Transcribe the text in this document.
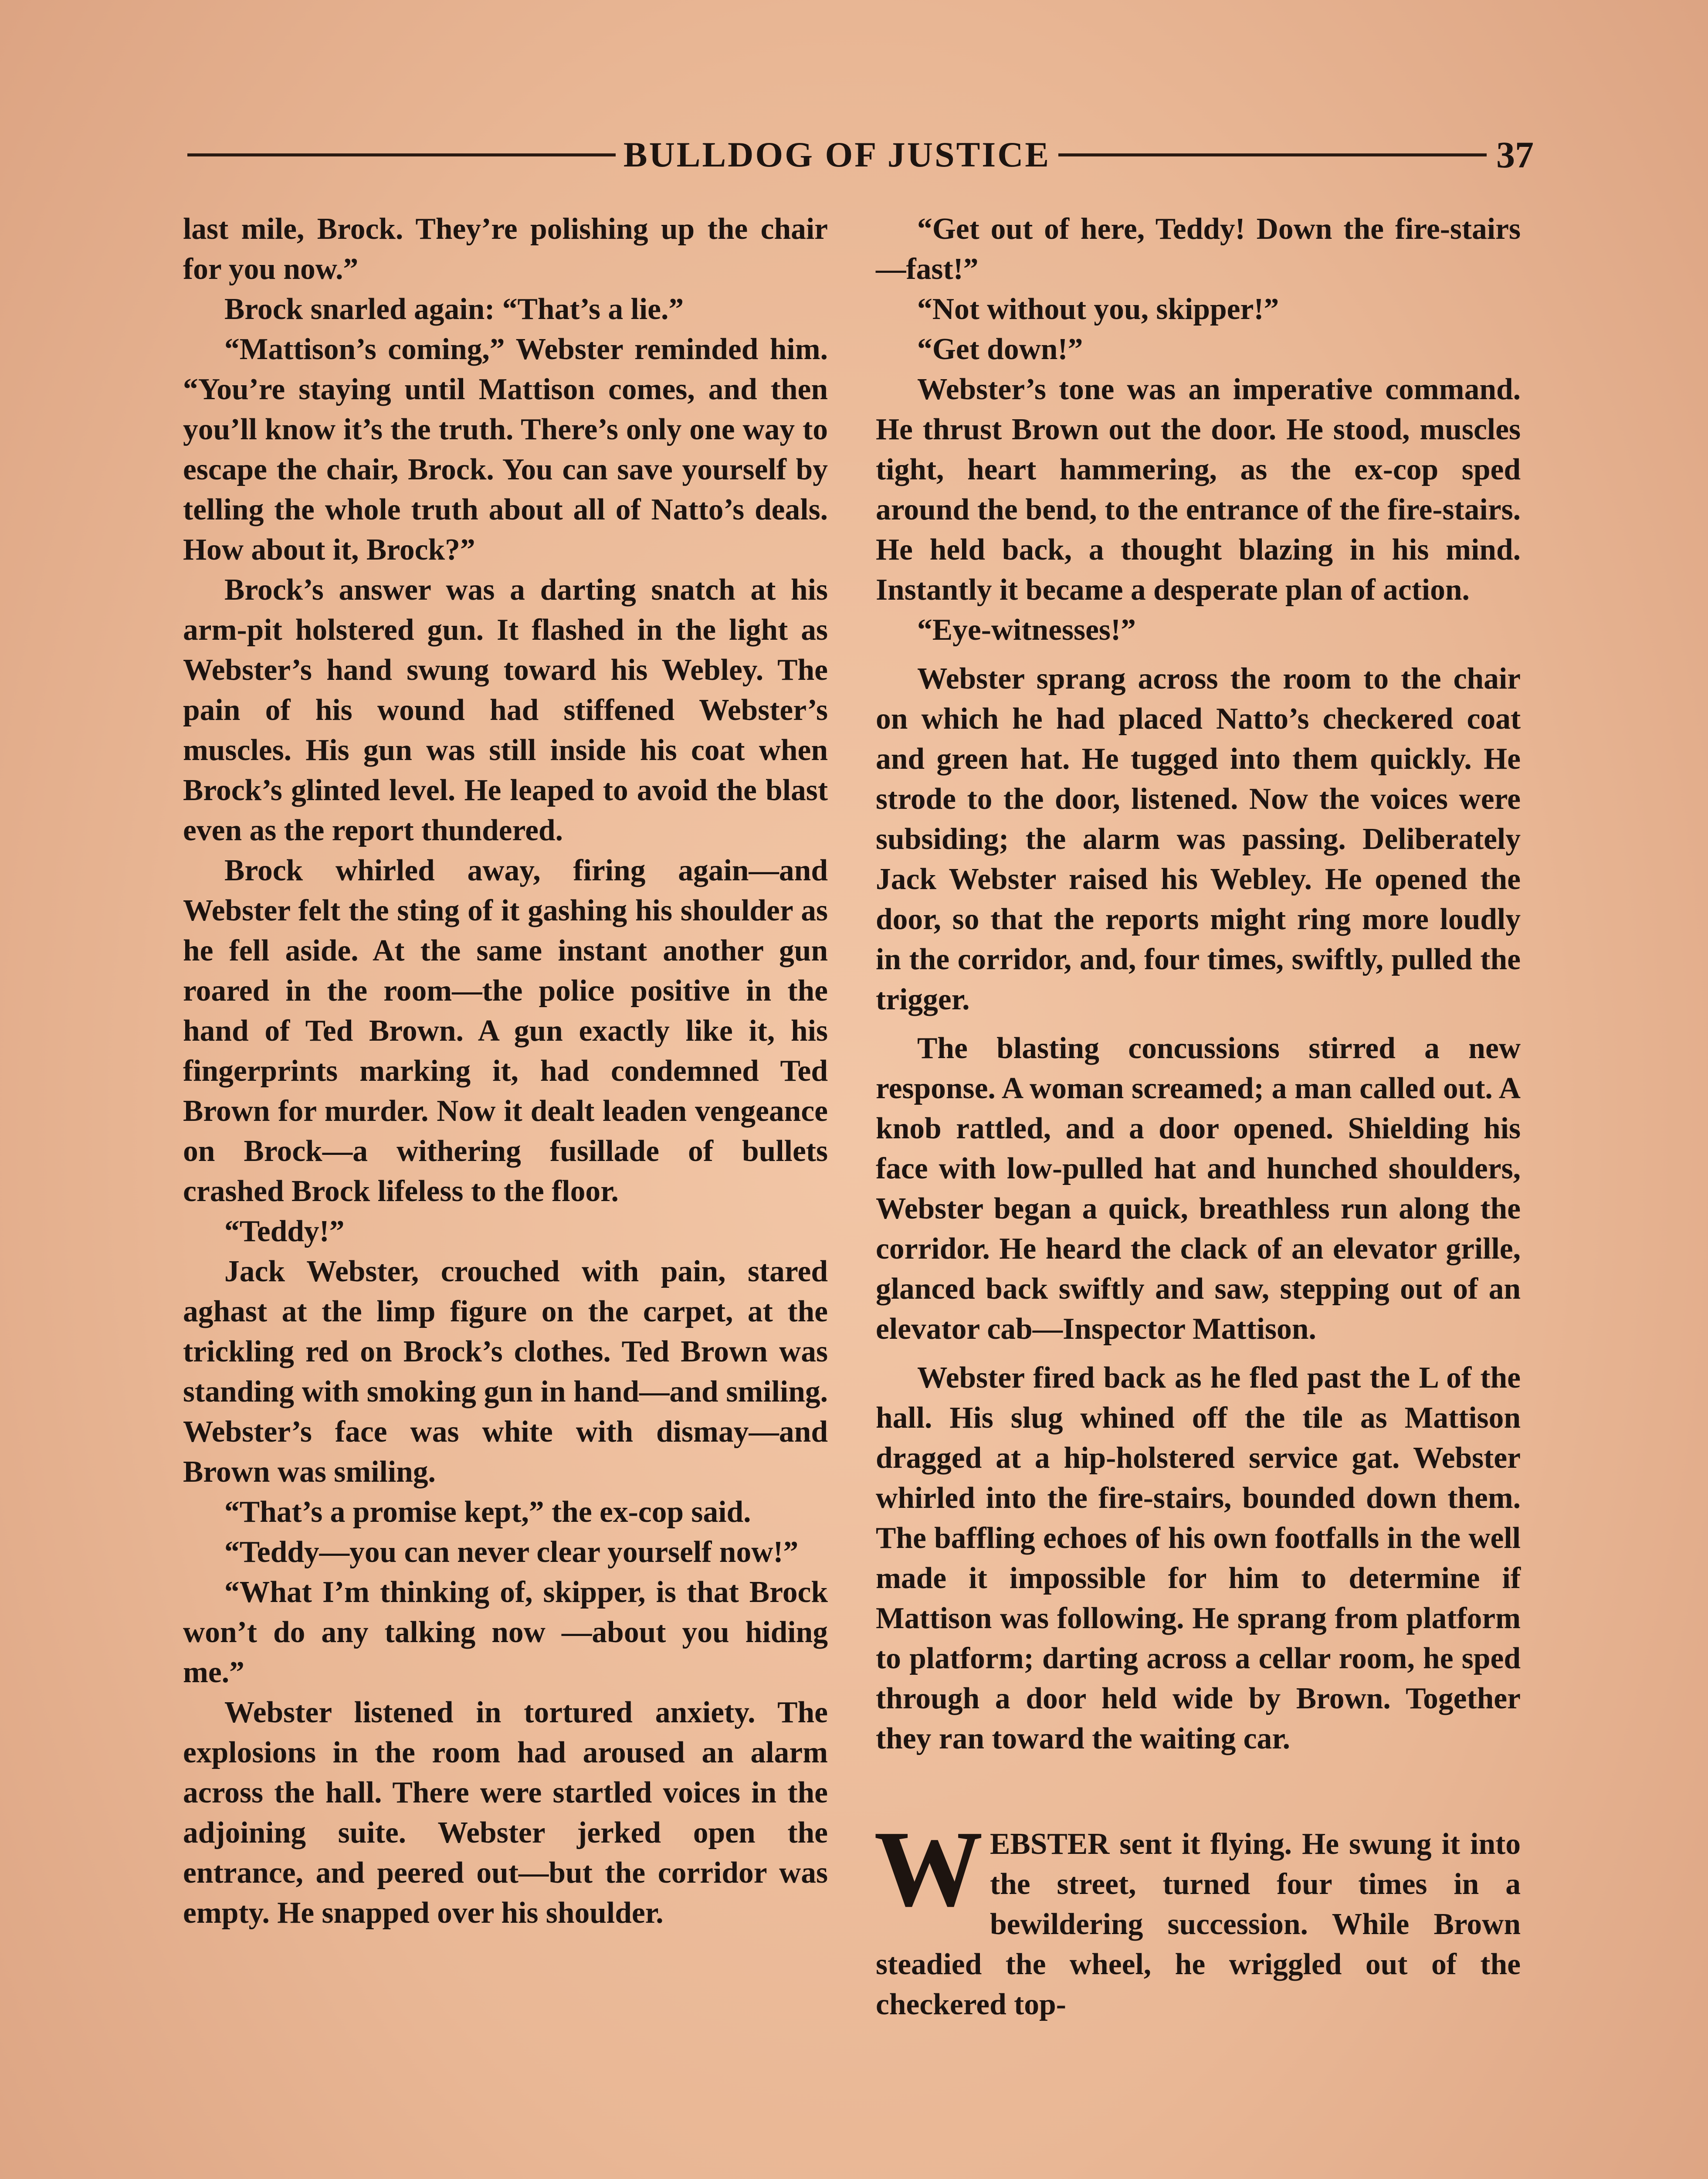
BULLDOG OF JUSTICE	37

last mile, Brock. They’re polishing up the chair for you now.”

Brock snarled again: “That’s a lie.”

“Mattison’s coming,” Webster reminded him. “You’re staying until Mattison comes, and then you’ll know it’s the truth. There’s only one way to escape the chair, Brock. You can save yourself by telling the whole truth about all of Natto’s deals. How about it, Brock?”

Brock’s answer was a darting snatch at his arm-pit holstered gun. It flashed in the light as Webster’s hand swung toward his Webley. The pain of his wound had stiffened Webster’s muscles. His gun was still inside his coat when Brock’s glinted level. He leaped to avoid the blast even as the report thundered.

Brock whirled away, firing again—and Webster felt the sting of it gashing his shoulder as he fell aside. At the same instant another gun roared in the room—the police positive in the hand of Ted Brown. A gun exactly like it, his fingerprints marking it, had condemned Ted Brown for murder. Now it dealt leaden vengeance on Brock—a withering fusillade of bullets crashed Brock lifeless to the floor.

“Teddy!”

Jack Webster, crouched with pain, stared aghast at the limp figure on the carpet, at the trickling red on Brock’s clothes. Ted Brown was standing with smoking gun in hand—and smiling. Webster’s face was white with dismay—and Brown was smiling.

“That’s a promise kept,” the ex-cop said.

“Teddy—you can never clear yourself now!”

“What I’m thinking of, skipper, is that Brock won’t do any talking now —about you hiding me.”

Webster listened in tortured anxiety. The explosions in the room had aroused an alarm across the hall. There were startled voices in the adjoining suite. Webster jerked open the entrance, and peered out—but the corridor was empty. He snapped over his shoulder.

“Get out of here, Teddy! Down the fire-stairs—fast!”

“Not without you, skipper!”

“Get down!”

Webster’s tone was an imperative command. He thrust Brown out the door. He stood, muscles tight, heart hammering, as the ex-cop sped around the bend, to the entrance of the fire-stairs. He held back, a thought blazing in his mind. Instantly it became a desperate plan of action.

“Eye-witnesses!”

Webster sprang across the room to the chair on which he had placed Natto’s checkered coat and green hat. He tugged into them quickly. He strode to the door, listened. Now the voices were subsiding; the alarm was passing. Deliberately Jack Webster raised his Webley. He opened the door, so that the reports might ring more loudly in the corridor, and, four times, swiftly, pulled the trigger.

The blasting concussions stirred a new response. A woman screamed; a man called out. A knob rattled, and a door opened. Shielding his face with low-pulled hat and hunched shoulders, Webster began a quick, breathless run along the corridor. He heard the clack of an elevator grille, glanced back swiftly and saw, stepping out of an elevator cab—Inspector Mattison.

Webster fired back as he fled past the L of the hall. His slug whined off the tile as Mattison dragged at a hip-holstered service gat. Webster whirled into the fire-stairs, bounded down them. The baffling echoes of his own footfalls in the well made it impossible for him to determine if Mattison was following. He sprang from platform to platform; darting across a cellar room, he sped through a door held wide by Brown. Together they ran toward the waiting car.

WEBSTER sent it flying. He swung it into the street, turned four times in a bewildering succession. While Brown steadied the wheel, he wriggled out of the checkered top-
